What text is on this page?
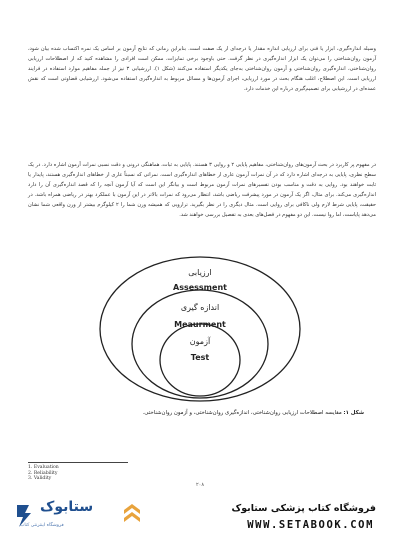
وسیله اندازه‌گیری، ابزار یا فنی برای ارزیابی اندازه مقدار یا درجه‌ای از یک صفت است. بنابراین زمانی که نتایج آزمون بر اساس یک نمره اکتساب شده بیان شود، آزمون روان‌شناختی را می‌توان یک ابزار اندازه‌گیری در نظر گرفت. حتی باوجود برخی تمایزات، ممکن است افرادی را مشاهده کنید که از اصطلاحات ارزیابی روان‌شناختی، اندازه‌گیری روان‌شناختی و آزمون روان‌شناختی به‌جای یکدیگر استفاده می‌کنند (شکل ۱). ارزشیابی ۳ نیز از جمله مفاهیم موارد استفاده در فرایند ارزیابی است. این اصطلاح، اغلب هنگام بحث در مورد ارزیابی، اجرای آزمون‌ها و مسائل مربوط به اندازه‌گیری استفاده می‌شود. ارزشیابی قضاوتی است که نقش عمده‌ای در ارزشیابی برای تصمیم‌گیری درباره این خدمات دارد.
در مفهوم پر کاربرد در بحث آزمون‌های روان‌شناختی، مفاهیم پایایی ۲ و روایی ۳ هستند. پایایی به ثبات، هماهنگی درونی و دقت نسبی نمرات آزمون اشاره دارد. در یک سطح نظری، پایایی به درجه‌ای اشاره دارد که در آن نمرات آزمون عاری از خطاهای اندازه‌گیری است. نمراتی که نسبتاً عاری از خطاهای اندازه‌گیری هستند، پایدار یا ثابت خواهند بود. روایی به دقت و مناسب بودن تفسیرهای نمرات آزمون مربوط است و بیانگر این است که آیا آزمون آنچه را که قصد اندازه‌گیری آن را دارد اندازه‌گیری می‌کند. برای مثال، اگر یک آزمون در مورد پیشرفت ریاضی باشد، انتظار می‌رود که نمرات بالاتر در این آزمون با عملکرد بهتر در ریاضی همراه باشد. در حقیقت، پایایی شرط لازم ولی ناکافی برای روایی است. مثال دیگری را در نظر بگیرید. ترازویی که همیشه وزن شما را ۲ کیلوگرم بیشتر از وزن واقعی شما نشان می‌دهد پایاست، اما روا نیست. این دو مفهوم در فصل‌های بعدی به تفصیل بررسی خواهند شد.
ارزیابی
Assessment
اندازه گیری
Meaurment
آزمون
Test
شکل ۱: مقایسه اصطلاحات ارزیابی روان‌شناختی، اندازه‌گیری روان‌شناختی، و آزمون روان‌شناختی.
1. Evaluation
2. Reliability
3. Validity
۲۰۸
ستابوک
فروشگاه اینترنتی کتاب
فروشگاه کتاب پزشکی ستابوک
WWW.SETABOOK.COM
